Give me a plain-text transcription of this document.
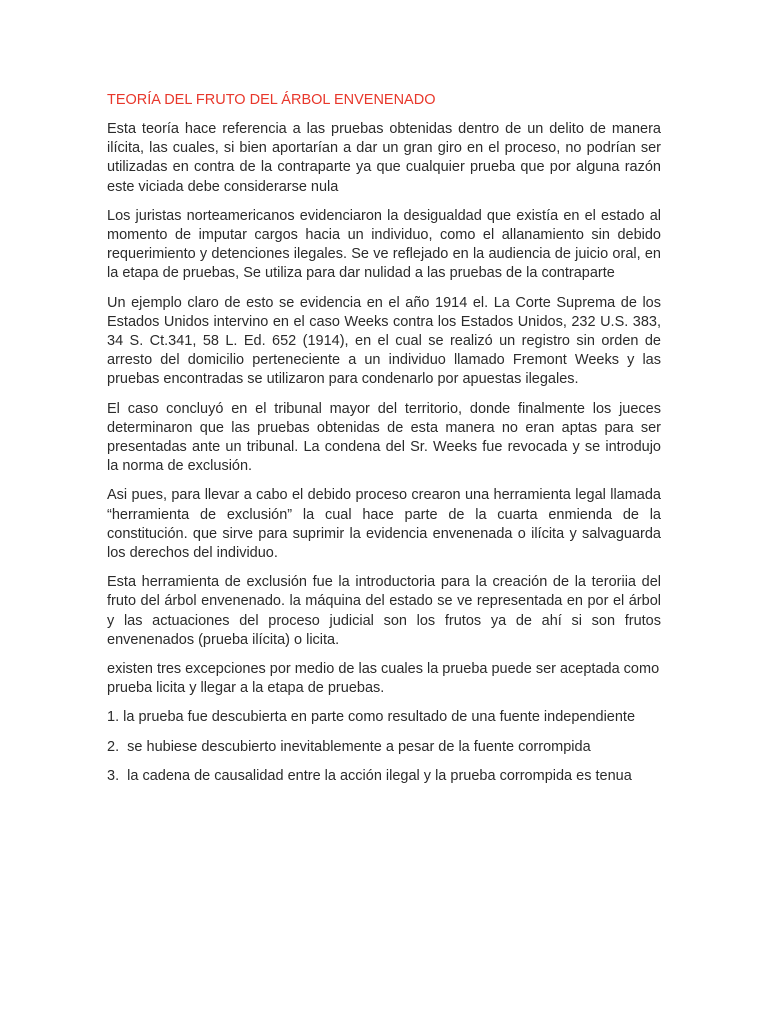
TEORÍA DEL FRUTO DEL ÁRBOL ENVENENADO

Esta teoría hace referencia a las pruebas obtenidas dentro de un delito de manera ilícita, las cuales, si bien aportarían a dar un gran giro en el proceso, no podrían ser utilizadas en contra de la contraparte ya que cualquier prueba que por alguna razón este viciada debe considerarse nula

Los juristas norteamericanos evidenciaron la desigualdad que existía en el estado al momento de imputar cargos hacia un individuo, como el allanamiento sin debido requerimiento y detenciones ilegales. Se ve reflejado en la audiencia de juicio oral, en la etapa de pruebas, Se utiliza para dar nulidad a las pruebas de la contraparte

Un ejemplo claro de esto se evidencia en el año 1914 el. La Corte Suprema de los Estados Unidos intervino en el caso Weeks contra los Estados Unidos, 232 U.S. 383, 34 S. Ct.341, 58 L. Ed. 652 (1914), en el cual se realizó un registro sin orden de arresto del domicilio perteneciente a un individuo llamado Fremont Weeks y las pruebas encontradas se utilizaron para condenarlo por apuestas ilegales.

El caso concluyó en el tribunal mayor del territorio, donde finalmente los jueces determinaron que las pruebas obtenidas de esta manera no eran aptas para ser presentadas ante un tribunal. La condena del Sr. Weeks fue revocada y se introdujo la norma de exclusión.

Asi pues, para llevar a cabo el debido proceso crearon una herramienta legal llamada “herramienta de exclusión” la cual hace parte de la cuarta enmienda de la constitución. que sirve para suprimir la evidencia envenenada o ilícita y salvaguarda los derechos del individuo.

Esta herramienta de exclusión fue la introductoria para la creación de la teroriia del fruto del árbol envenenado. la máquina del estado se ve representada en por el árbol y las actuaciones del proceso judicial son los frutos ya de ahí si son frutos envenenados (prueba ilícita) o licita.

existen tres excepciones por medio de las cuales la prueba puede ser aceptada como prueba licita y llegar a la etapa de pruebas.

1. la prueba fue descubierta en parte como resultado de una fuente independiente
2. se hubiese descubierto inevitablemente a pesar de la fuente corrompida
3. la cadena de causalidad entre la acción ilegal y la prueba corrompida es tenua
